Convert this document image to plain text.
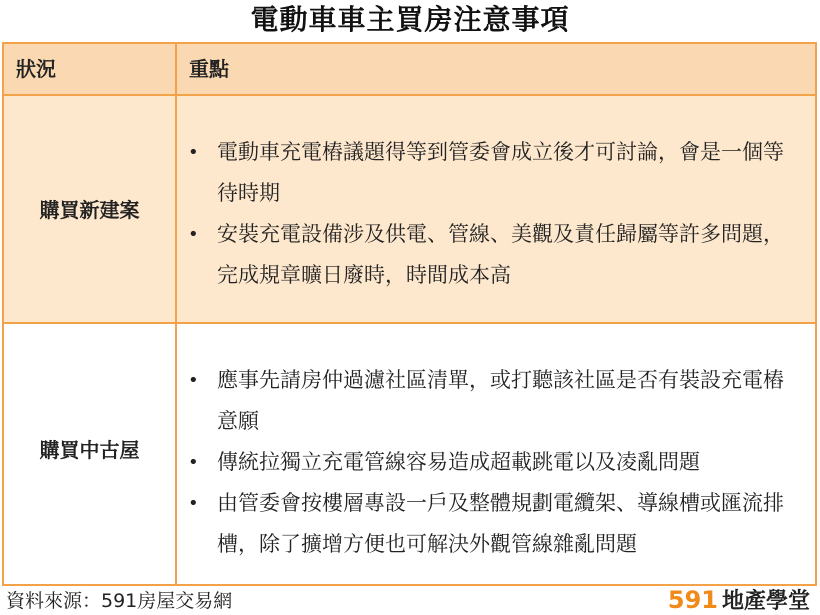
電動車車主買房注意事項
狀況	重點
購買新建案
• 電動車充電樁議題得等到管委會成立後才可討論，會是一個等待時期
• 安裝充電設備涉及供電、管線、美觀及責任歸屬等許多問題，完成規章曠日廢時，時間成本高
購買中古屋
• 應事先請房仲過濾社區清單，或打聽該社區是否有裝設充電樁意願
• 傳統拉獨立充電管線容易造成超載跳電以及凌亂問題
• 由管委會按樓層專設一戶及整體規劃電纜架、導線槽或匯流排槽，除了擴增方便也可解決外觀管線雜亂問題
資料來源：591房屋交易網	591 地產學堂
